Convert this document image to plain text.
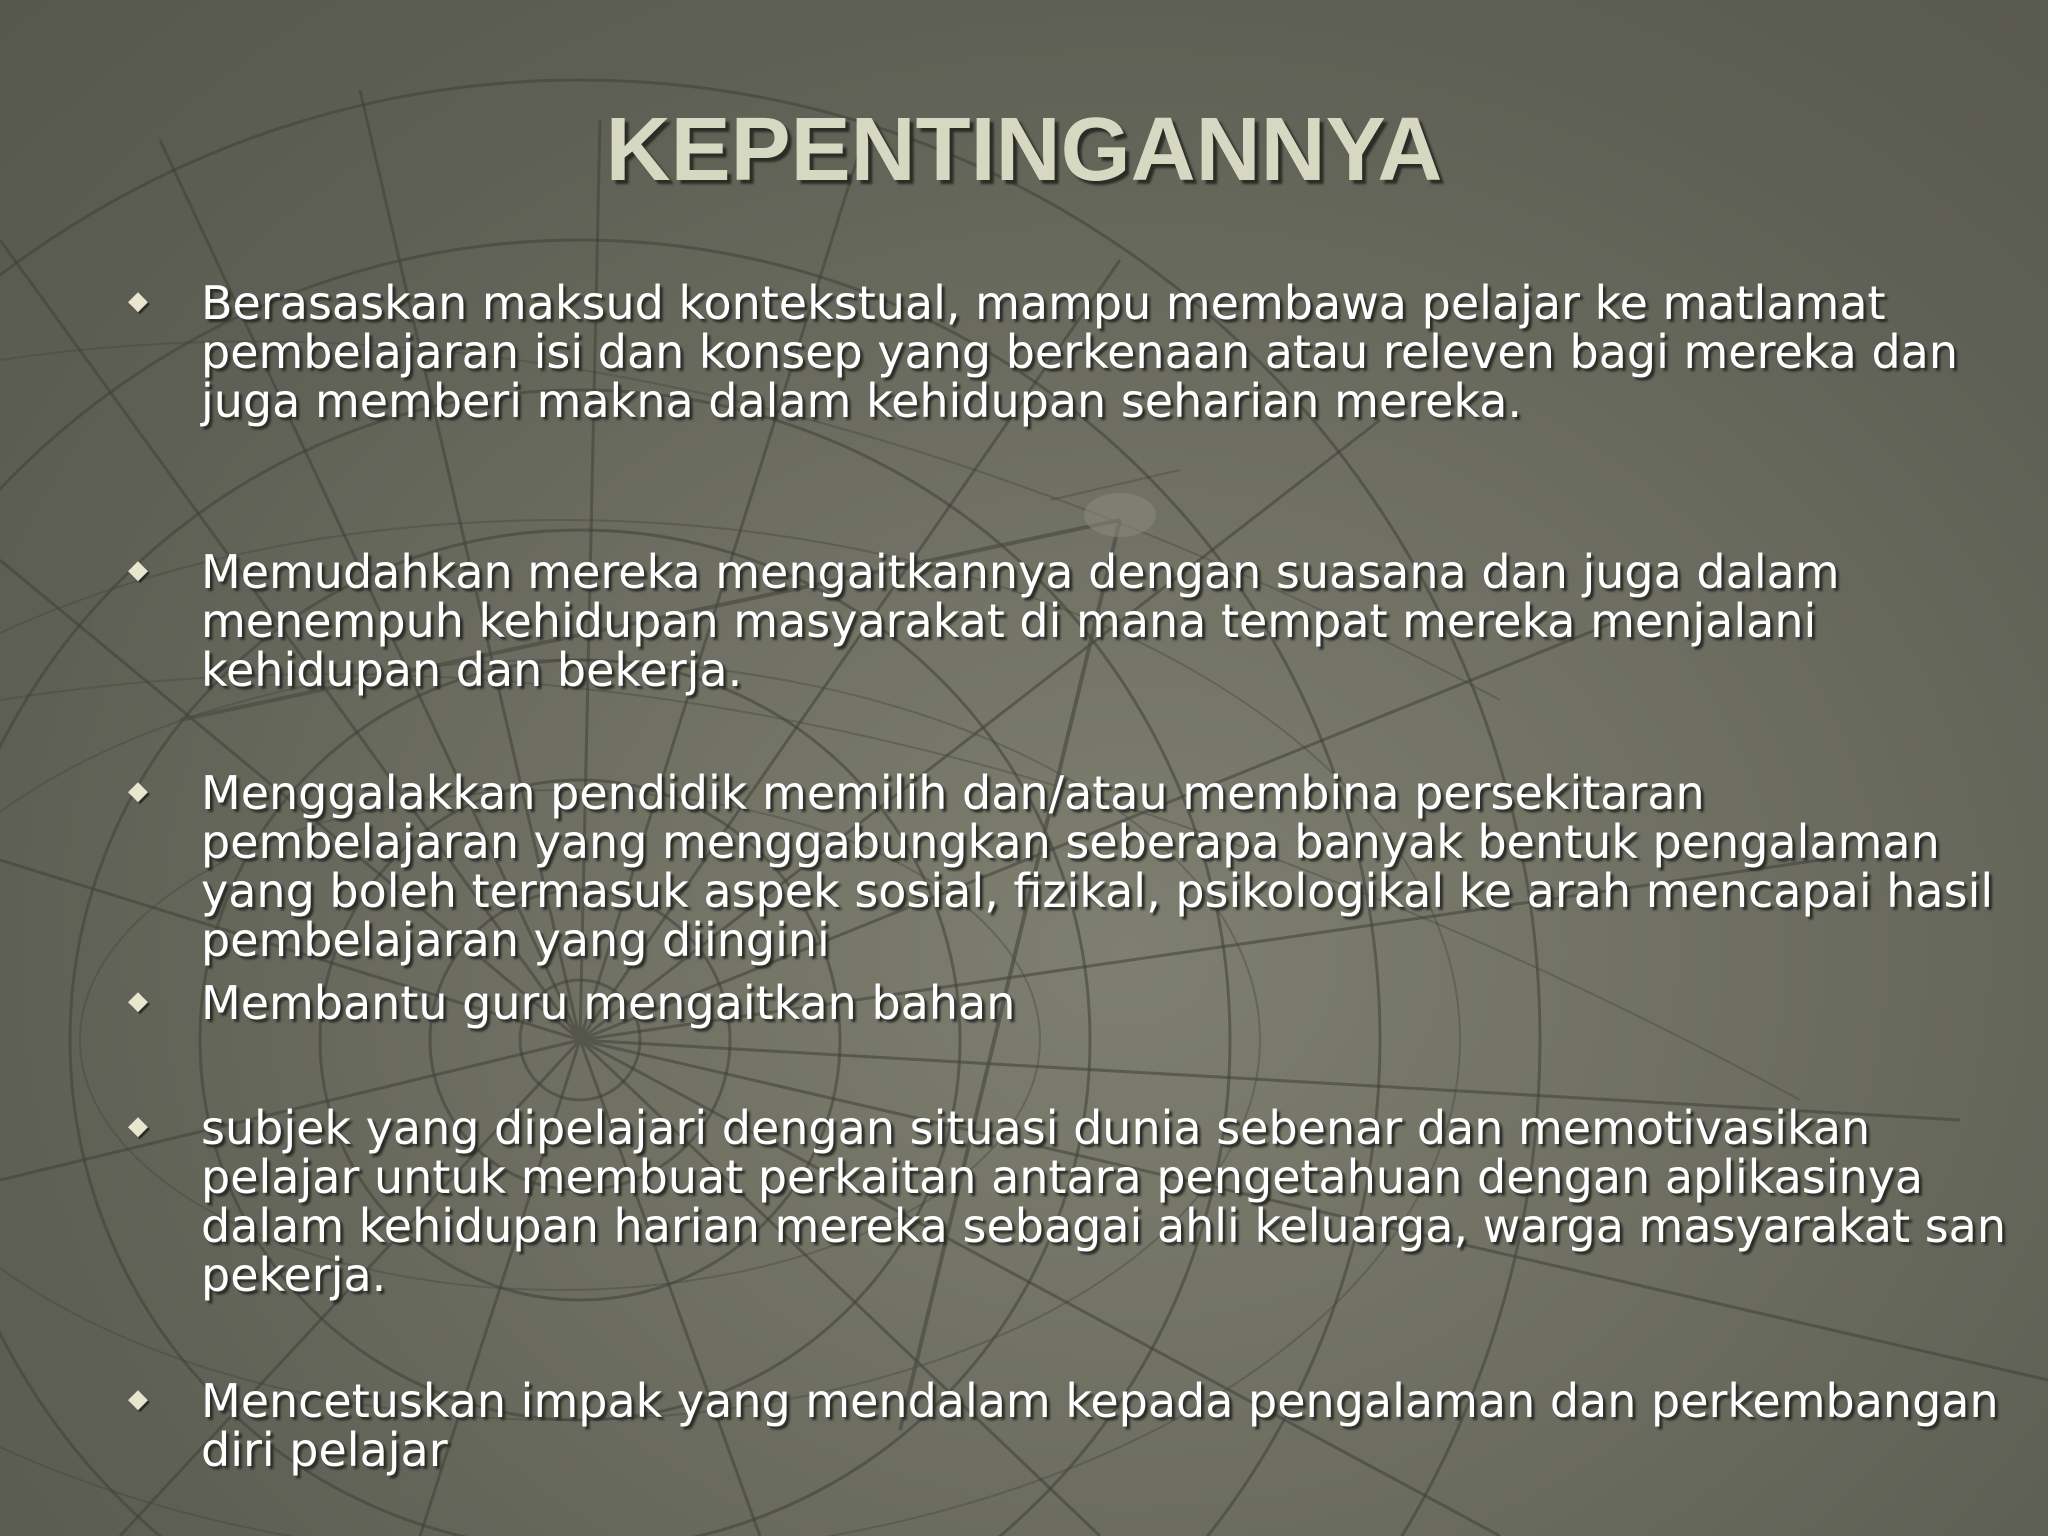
KEPENTINGANNYA
◆ Berasaskan maksud kontekstual, mampu membawa pelajar ke matlamat pembelajaran isi dan konsep yang berkenaan atau releven bagi mereka dan juga memberi makna dalam kehidupan seharian mereka.
◆ Memudahkan mereka mengaitkannya dengan suasana dan juga dalam menempuh kehidupan masyarakat di mana tempat mereka menjalani kehidupan dan bekerja.
◆ Menggalakkan pendidik memilih dan/atau membina persekitaran pembelajaran yang menggabungkan seberapa banyak bentuk pengalaman yang boleh termasuk aspek sosial, fizikal, psikologikal ke arah mencapai hasil pembelajaran yang diingini
◆ Membantu guru mengaitkan bahan
◆ subjek yang dipelajari dengan situasi dunia sebenar dan memotivasikan pelajar untuk membuat perkaitan antara pengetahuan dengan aplikasinya dalam kehidupan harian mereka sebagai ahli keluarga, warga masyarakat san pekerja.
◆ Mencetuskan impak yang mendalam kepada pengalaman dan perkembangan diri pelajar
